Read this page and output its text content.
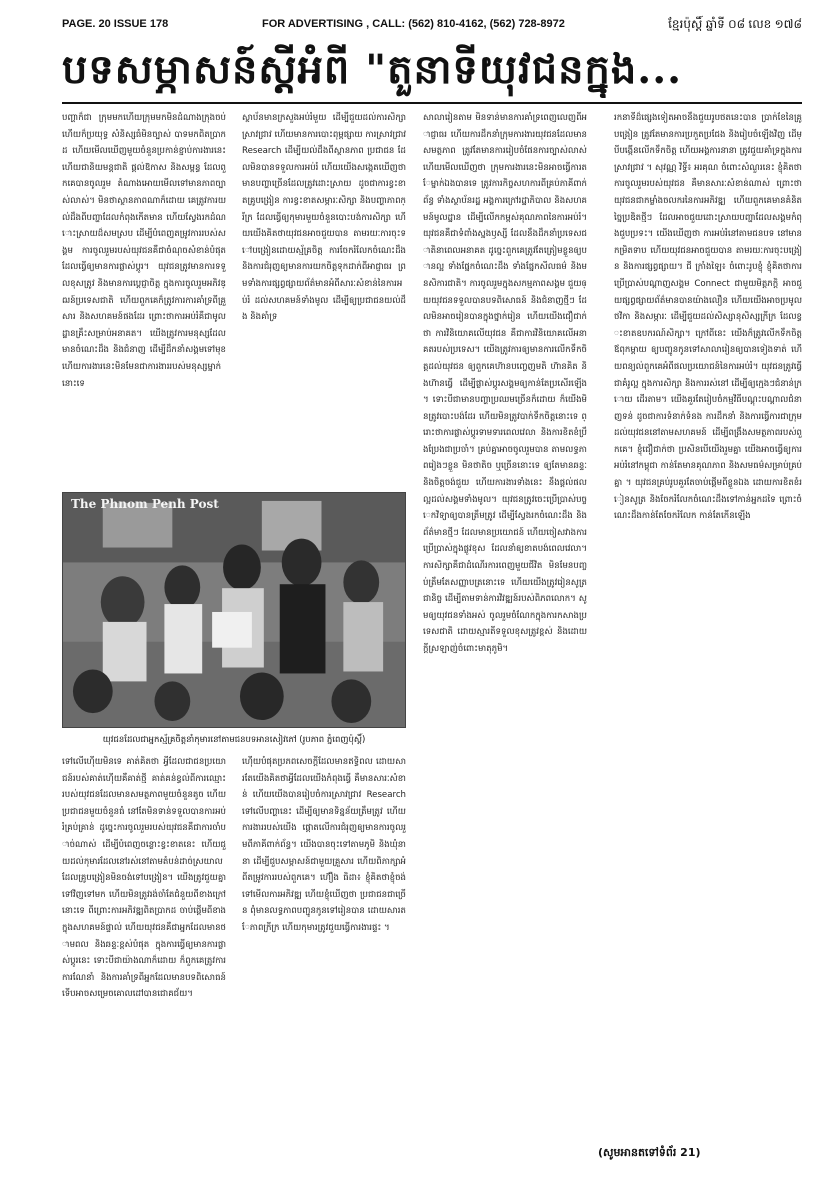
PAGE. 20 ISSUE 178	FOR ADVERTISING , CALL: (562) 810-4162, (562) 728-8972	ខ្មែរប៉ុស្ដិ៍ ឆ្នាំទី ០៨ លេខ ១៧៨
បទសម្ភាសន៍ស្ដីអំពី "តួនាទីយុវជនក្នុង...
បញ្ហាក៏ជា ក្រុមមកហើយក្រុមមកមិនដំណាងក្រុងចប់ ហើយក៏ប្រយុទ្ធ សំនិស្សធំមិនច្បាស់ បាទមកពិតប្រាកដ ហើយមើលឃើញមួយចំនួនប្រកាន់ខ្ជាប់ការងារនេះ ហើយជានិយមន្តជាតិ ផ្ដល់ឱកាស និងសម្ពន្ធ ដែលពួកគេបានចូលរួម តំណាងអោយមើលទៅមានភាពច្បាស់លាស់។ មិនថាស្ថានភាពណាក៏ដោយ គេត្រូវការយល់ដឹងពីបញ្ហាដែលកំពុងកើតមាន ហើយស្វែងរកដំណោះស្រាយដ៏សមស្រប ដើម្បីបំពេញតម្រូវការរបស់សង្គម ការចូលរួមរបស់យុវជនគឺជាចំណុចសំខាន់បំផុត ដែលធ្វើឲ្យមានការផ្លាស់ប្ដូរ។ យុវជនត្រូវមានការទទួលខុសត្រូវ និងមានការប្ដេជ្ញាចិត្ត ក្នុងការចូលរួមអភិវឌ្ឍន៍ប្រទេសជាតិ ហើយពួកគេក៏ត្រូវការការគាំទ្រពីគ្រួសារ និងសហគមន៍ផងដែរ ព្រោះថាការអប់រំគឺជាមូលដ្ឋានគ្រឹះសម្រាប់អនាគត។ យើងត្រូវការមនុស្សដែលមានចំណេះដឹង និងជំនាញ ដើម្បីដឹកនាំសង្គមទៅមុខ ហើយការងារនេះមិនមែនជាការងាររបស់មនុស្សម្នាក់នោះទេ
ស្ថាប័នមានក្រសួងអប់រំមួយ ដើម្បីជួយដល់ការសិក្សា ស្រាវជ្រាវ ហើយមានការបោះពុម្ពផ្សាយ ការស្រាវជ្រាវ Research ដើម្បីយល់ដឹងពីស្ថានភាព ប្រជាជន ដែលមិនបានទទួលការអប់រំ ហើយយើងសង្កេតឃើញថា មានបញ្ហាច្រើនដែលត្រូវដោះស្រាយ ដូចជាការខ្វះខាតគ្រូបង្រៀន ការខ្វះខាតសម្ភារៈសិក្សា និងបញ្ហាភាពក្រីក្រ ដែលធ្វើឲ្យកុមារមួយចំនួនបោះបង់ការសិក្សា ហើយយើងគិតថាយុវជនអាចជួយបាន តាមរយៈការចុះទៅបង្រៀនដោយស្ម័គ្រចិត្ត ការចែករំលែកចំណេះដឹង និងការជំរុញឲ្យមានការយកចិត្តទុកដាក់ពីអាជ្ញាធរ ព្រមទាំងការផ្សព្វផ្សាយព័ត៌មានអំពីសារៈសំខាន់នៃការអប់រំ ដល់សហគមន៍ទាំងមូល ដើម្បីឲ្យប្រជាជនយល់ដឹង និងគាំទ្រ
សាលារៀនតាម មិនទាន់មានការគាំទ្រពេញលេញពីអាជ្ញាធរ ហើយការដឹកនាំក្រុមការងារយុវជនដែលមានសមត្ថភាព ត្រូវតែមានការរៀបចំផែនការច្បាស់លាស់ ហើយមើលឃើញថា ក្រុមការងារនេះមិនអាចធ្វើការតែម្នាក់ឯងបានទេ ត្រូវការកិច្ចសហការពីគ្រប់ភាគីពាក់ព័ន្ធ ទាំងស្ថាប័នរដ្ឋ អង្គការក្រៅរដ្ឋាភិបាល និងសហគមន៍មូលដ្ឋាន ដើម្បីលើកកម្ពស់គុណភាពនៃការអប់រំ។ យុវជនគឺជាទំពាំងស្នងឫស្សី ដែលនឹងដឹកនាំប្រទេសជាតិនាពេលអនាគត ដូច្នេះពួកគេត្រូវតែត្រៀមខ្លួនឲ្យបានល្អ ទាំងផ្នែកចំណេះដឹង ទាំងផ្នែកសីលធម៌ និងមនសិការជាតិ។ ការចូលរួមក្នុងសកម្មភាពសង្គម ជួយឲ្យយុវជនទទួលបានបទពិសោធន៍ និងជំនាញថ្មីៗ ដែលមិនអាចរៀនបានក្នុងថ្នាក់រៀន ហើយយើងជឿជាក់ថា ការវិនិយោគលើយុវជន គឺជាការវិនិយោគលើអនាគតរបស់ប្រទេស។ យើងត្រូវការឲ្យមានការលើកទឹកចិត្តដល់យុវជន ឲ្យពួកគេហ៊ានបញ្ចេញមតិ ហ៊ានគិត និងហ៊ានធ្វើ ដើម្បីផ្លាស់ប្ដូរសង្គមឲ្យកាន់តែប្រសើរឡើង។ ទោះបីជាមានបញ្ហាប្រឈមច្រើនក៏ដោយ ក៏យើងមិនត្រូវបោះបង់ដែរ ហើយមិនត្រូវបាក់ទឹកចិត្តនោះទេ ព្រោះថាការផ្លាស់ប្ដូរទាមទារពេលវេលា និងការខិតខំប្រឹងប្រែងជាប្រចាំ។ គ្រប់គ្នាអាចចូលរួមបាន តាមលទ្ធភាពរៀងៗខ្លួន មិនថាតិច ឬច្រើននោះទេ ឲ្យតែមានឆន្ទៈ និងចិត្តចង់ជួយ ហើយការងារទាំងនេះ នឹងផ្ដល់ផលល្អដល់សង្គមទាំងមូល។ យុវជនត្រូវចេះប្រើប្រាស់បច្ចេកវិទ្យាឲ្យបានត្រឹមត្រូវ ដើម្បីស្វែងរកចំណេះដឹង និងព័ត៌មានថ្មីៗ ដែលមានប្រយោជន៍ ហើយចៀសវាងការប្រើប្រាស់ក្នុងផ្លូវខុស ដែលនាំឲ្យខាតបង់ពេលវេលា។ ការសិក្សាគឺជាដំណើរការពេញមួយជីវិត មិនមែនបញ្ចប់ត្រឹមតែសញ្ញាបត្រនោះទេ ហើយយើងត្រូវរៀនសូត្រជានិច្ច ដើម្បីតាមទាន់ការវិវឌ្ឍន៍របស់ពិភពលោក។ សូមឲ្យយុវជនទាំងអស់ ចូលរួមចំណែកក្នុងការកសាងប្រទេសជាតិ ដោយស្មារតីទទួលខុសត្រូវខ្ពស់ និងដោយក្ដីស្រឡាញ់ចំពោះមាតុភូមិ។
រកនាទីដ៏ផ្សេងទៀតអាចនឹងជួយរូបថតនេះបាន ប្រាក់ខែនៃគ្រូបង្រៀន ត្រូវតែមានការប្រកួតប្រជែង និងរៀបចំឡើងវិញ ដើម្បីបង្កើនលើកទឹកចិត្ត ហើយអង្គការនានា ត្រូវជួយគាំទ្រក្នុងការស្រាវជ្រាវ ។ សុវណ្ណ វិទ្ធី៖ អរគុណ ចំពោះសំណួរនេះ ខ្ញុំគិតថា ការចូលរួមរបស់យុវជន គឺមានសារៈសំខាន់ណាស់ ព្រោះថាយុវជនជាកម្លាំងចលករនៃការអភិវឌ្ឍ ហើយពួកគេមានគំនិតច្នៃប្រឌិតថ្មីៗ ដែលអាចជួយដោះស្រាយបញ្ហាដែលសង្គមកំពុងជួបប្រទះ។ យើងឃើញថា ការអប់រំនៅតាមជនបទ នៅមានកម្រិតទាប ហើយយុវជនអាចជួយបាន តាមរយៈការចុះបង្រៀន និងការផ្សព្វផ្សាយ។ ជី ក្រាំងឡៃ៖ ចំពោះរូបខ្ញុំ ខ្ញុំគិតថាការប្រើប្រាស់បណ្ដាញសង្គម Connect ជាមួយមិត្តភក្តិ អាចជួយផ្សព្វផ្សាយព័ត៌មានបានយ៉ាងលឿន ហើយយើងអាចប្រមូលថវិកា និងសម្ភារៈ ដើម្បីជួយដល់សិស្សានុសិស្សក្រីក្រ ដែលខ្វះខាតឧបករណ៍សិក្សា។ ក្រៅពីនេះ យើងក៏ត្រូវលើកទឹកចិត្តឪពុកម្ដាយ ឲ្យបញ្ជូនកូនទៅសាលារៀនឲ្យបានទៀងទាត់ ហើយពន្យល់ពួកគេអំពីផលប្រយោជន៍នៃការអប់រំ។ យុវជនត្រូវធ្វើជាគំរូល្អ ក្នុងការសិក្សា និងការរស់នៅ ដើម្បីឲ្យក្មេងៗជំនាន់ក្រោយ ដើរតាម។ យើងគួរតែរៀបចំកម្មវិធីបណ្ដុះបណ្ដាលជំនាញទន់ ដូចជាការទំនាក់ទំនង ការដឹកនាំ និងការធ្វើការជាក្រុម ដល់យុវជននៅតាមសហគមន៍ ដើម្បីពង្រឹងសមត្ថភាពរបស់ពួកគេ។ ខ្ញុំជឿជាក់ថា ប្រសិនបើយើងរួមគ្នា យើងអាចធ្វើឲ្យការអប់រំនៅកម្ពុជា កាន់តែមានគុណភាព និងសមធម៌សម្រាប់គ្រប់គ្នា ។ យុវជនគ្រប់រូបគួរតែចាប់ផ្ដើមពីខ្លួនឯង ដោយការខិតខំរៀនសូត្រ និងចែករំលែកចំណេះដឹងទៅកាន់អ្នកដទៃ ព្រោះចំណេះដឹងកាន់តែចែករំលែក កាន់តែកើនឡើង
The Phnom Penh Post
យុវជនដែលជាអ្នកស្ម័គ្រចិត្តនាំកុមារនៅតាមជនបទអានសៀវភៅ (រូបភាព ភ្នំពេញប៉ុស្តិ៍)
ទៅលើហ៊ើយមិនទេ គាត់គិតថា អ្វីដែលជាជនប្រយោជន៍របស់គាត់ហ៊ើយគឺគាត់ថ្មី គាត់គន់ខ្វល់ពីការឈ្មោះរបស់យុវជនដែលមានសមត្ថភាពមួយចំនួនតូច ហើយប្រជាជនមួយចំនួនធំ នៅតែមិនទាន់ទទួលបានការអប់រំគ្រប់គ្រាន់ ដូច្នេះការចូលរួមរបស់យុវជនគឺជាការចាំបាច់ណាស់ ដើម្បីបំពេញចន្លោះខ្វះខាតនេះ ហើយជួយដល់កុមារដែលនៅរស់នៅតាមតំបន់ដាច់ស្រយាល ដែលគ្រូបង្រៀនមិនចង់ទៅបង្រៀន។ យើងត្រូវជួយគ្នាទៅវិញទៅមក ហើយមិនត្រូវរង់ចាំតែជំនួយពីខាងក្រៅនោះទេ ពីព្រោះការអភិវឌ្ឍពិតប្រាកដ ចាប់ផ្ដើមពីខាងក្នុងសហគមន៍ផ្ទាល់ ហើយយុវជនគឺជាអ្នកដែលមានថាមពល និងឆន្ទៈខ្ពស់បំផុត ក្នុងការធ្វើឲ្យមានការផ្លាស់ប្ដូរនេះ ទោះបីជាយ៉ាងណាក៏ដោយ ក៏ពួកគេត្រូវការការណែនាំ និងការគាំទ្រពីអ្នកដែលមានបទពិសោធន៍ ទើបអាចសម្រេចគោលដៅបានជោគជ័យ។
ហ៊ើយបំផុតប្រភពសេចក្ដីដែលមានឥទ្ធិពល ដោយសារតែយើងគិតថាអ្វីដែលយើងកំពុងធ្វើ គឺមានសារៈសំខាន់ ហើយយើងបានរៀបចំការស្រាវជ្រាវ Research ទៅលើបញ្ហានេះ ដើម្បីឲ្យមានទិន្នន័យត្រឹមត្រូវ ហើយការងាររបស់យើង ផ្តោតលើការជំរុញឲ្យមានការចូលរួមពីភាគីពាក់ព័ន្ធ។ យើងបានចុះទៅតាមភូមិ និងឃុំនានា ដើម្បីជួបសម្ភាសន៍ជាមួយគ្រួសារ ហើយពិភាក្សាអំពីតម្រូវការរបស់ពួកគេ។ ហ៊ឿង ធិដា៖ ខ្ញុំគិតថាខ្ញុំចង់ទៅមើលការអភិវឌ្ឍ ហើយខ្ញុំឃើញថា ប្រជាជនជាច្រើន ពុំមានលទ្ធភាពបញ្ជូនកូនទៅរៀនបាន ដោយសារតែភាពក្រីក្រ ហើយកុមារត្រូវជួយធ្វើការងារផ្ទះ ។
(សូមអានតទៅទំព័រ 21)
